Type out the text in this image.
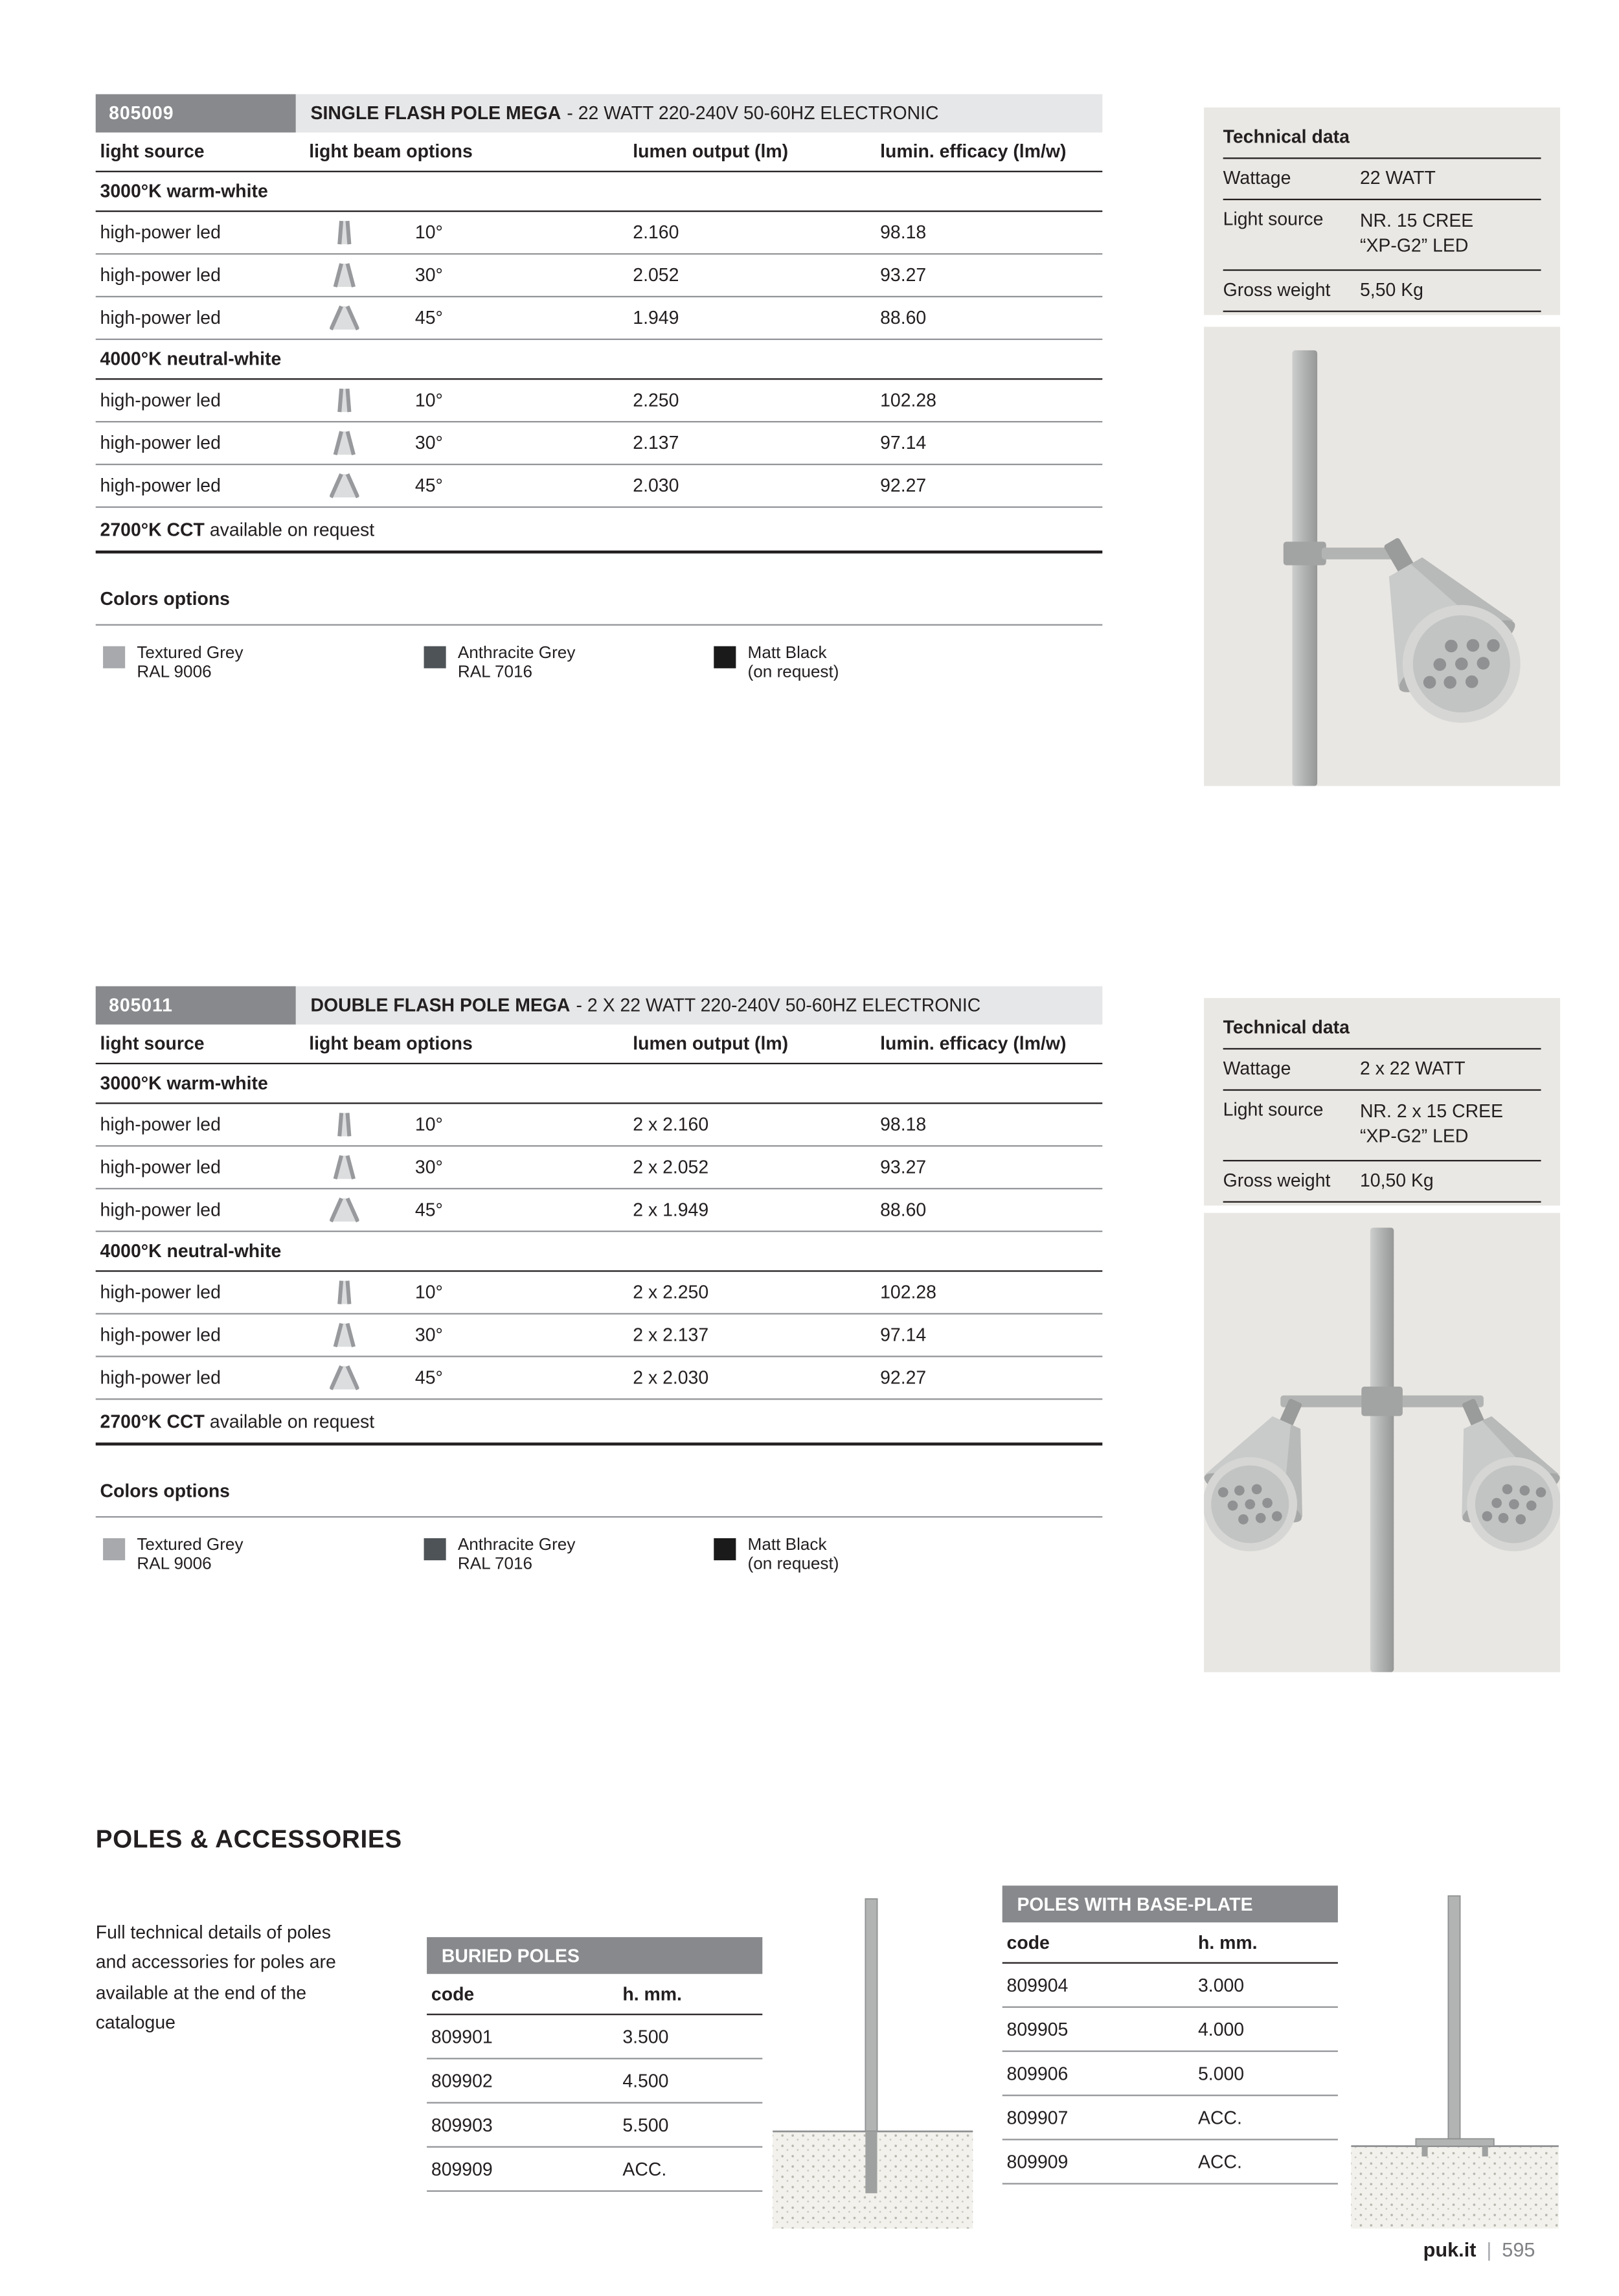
805009	SINGLE FLASH POLE MEGA - 22 WATT 220-240V 50-60HZ ELECTRONIC
light source	light beam options	lumen output (lm)	lumin. efficacy (lm/w)
3000°K warm-white
high-power led	10°	2.160	98.18
high-power led	30°	2.052	93.27
high-power led	45°	1.949	88.60
4000°K neutral-white
high-power led	10°	2.250	102.28
high-power led	30°	2.137	97.14
high-power led	45°	2.030	92.27
2700°K CCT available on request
Colors options
Textured Grey
RAL 9006
Anthracite Grey
RAL 7016
Matt Black
(on request)
Technical data
Wattage	22 WATT
Light source	NR. 15 CREE
“XP-G2” LED
Gross weight	5,50 Kg
805011	DOUBLE FLASH POLE MEGA - 2 X 22 WATT 220-240V 50-60HZ ELECTRONIC
light source	light beam options	lumen output (lm)	lumin. efficacy (lm/w)
3000°K warm-white
high-power led	10°	2 x 2.160	98.18
high-power led	30°	2 x 2.052	93.27
high-power led	45°	2 x 1.949	88.60
4000°K neutral-white
high-power led	10°	2 x 2.250	102.28
high-power led	30°	2 x 2.137	97.14
high-power led	45°	2 x 2.030	92.27
2700°K CCT available on request
Colors options
Textured Grey
RAL 9006
Anthracite Grey
RAL 7016
Matt Black
(on request)
Technical data
Wattage	2 x 22 WATT
Light source	NR. 2 x 15 CREE
“XP-G2” LED
Gross weight	10,50 Kg
POLES & ACCESSORIES
Full technical details of poles and accessories for poles are available at the end of the catalogue
BURIED POLES
code	h. mm.
809901	3.500
809902	4.500
809903	5.500
809909	ACC.
POLES WITH BASE-PLATE
code	h. mm.
809904	3.000
809905	4.000
809906	5.000
809907	ACC.
809909	ACC.
puk.it | 595
